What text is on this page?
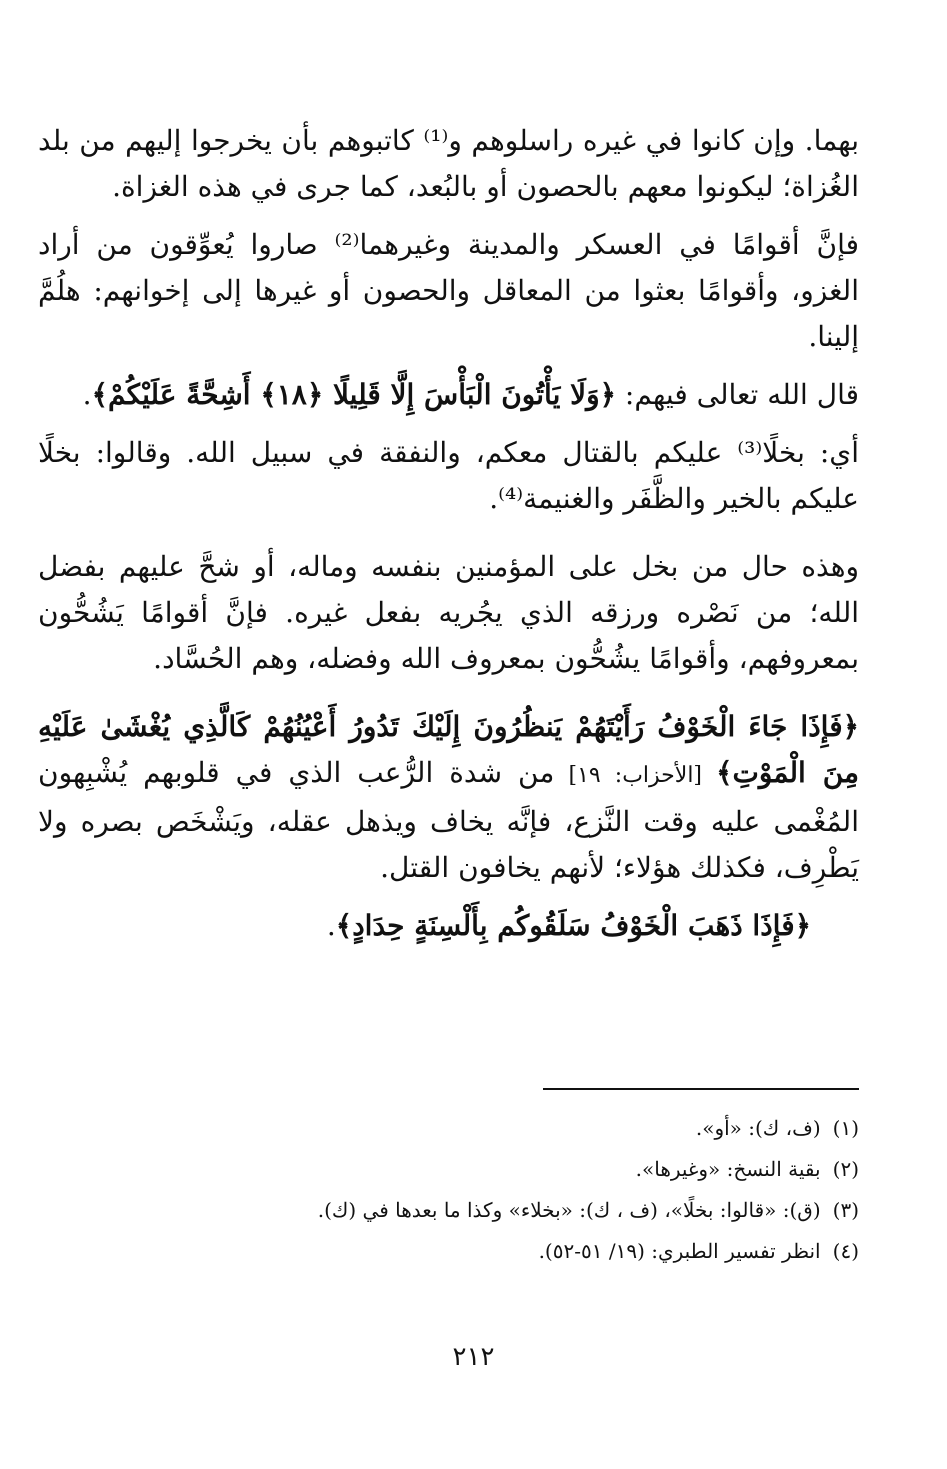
بهما. وإن كانوا في غيره راسلوهم و⁽¹⁾ كاتبوهم بأن يخرجوا إليهم من بلد الغُزاة؛ ليكونوا معهم بالحصون أو بالبُعد، كما جرى في هذه الغزاة.

فإنَّ أقوامًا في العسكر والمدينة وغيرهما⁽²⁾ صاروا يُعوِّقون من أراد الغزو، وأقوامًا بعثوا من المعاقل والحصون أو غيرها إلى إخوانهم: هلُمَّ إلينا.

قال الله تعالى فيهم: ﴿وَلَا يَأْتُونَ الْبَأْسَ إِلَّا قَلِيلًا ﴿١٨﴾ أَشِحَّةً عَلَيْكُمْ﴾.

أي: بخلًا⁽³⁾ عليكم بالقتال معكم، والنفقة في سبيل الله. وقالوا: بخلًا عليكم بالخير والظَّفَر والغنيمة⁽⁴⁾.

وهذه حال من بخل على المؤمنين بنفسه وماله، أو شحَّ عليهم بفضل الله؛ من نَصْره ورزقه الذي يجُريه بفعل غيره. فإنَّ أقوامًا يَشُحُّون بمعروفهم، وأقوامًا يشُحُّون بمعروف الله وفضله، وهم الحُسَّاد.

﴿فَإِذَا جَاءَ الْخَوْفُ رَأَيْتَهُمْ يَنظُرُونَ إِلَيْكَ تَدُورُ أَعْيُنُهُمْ كَالَّذِي يُغْشَىٰ عَلَيْهِ مِنَ الْمَوْتِ﴾ [الأحزاب: ١٩] من شدة الرُّعب الذي في قلوبهم يُشْبِهون المُغْمى عليه وقت النَّزع، فإنَّه يخاف ويذهل عقله، ويَشْخَص بصره ولا يَطْرِف، فكذلك هؤلاء؛ لأنهم يخافون القتل.

﴿فَإِذَا ذَهَبَ الْخَوْفُ سَلَقُوكُم بِأَلْسِنَةٍ حِدَادٍ﴾.

(١)(ف، ك): «أو».
(٢)بقية النسخ: «وغيرها».
(٣)(ق): «قالوا: بخلًا»، (ف ، ك): «بخلاء» وكذا ما بعدها في (ك).
(٤)انظر تفسير الطبري: (١٩/ ٥١-٥٢).
٢١٢
